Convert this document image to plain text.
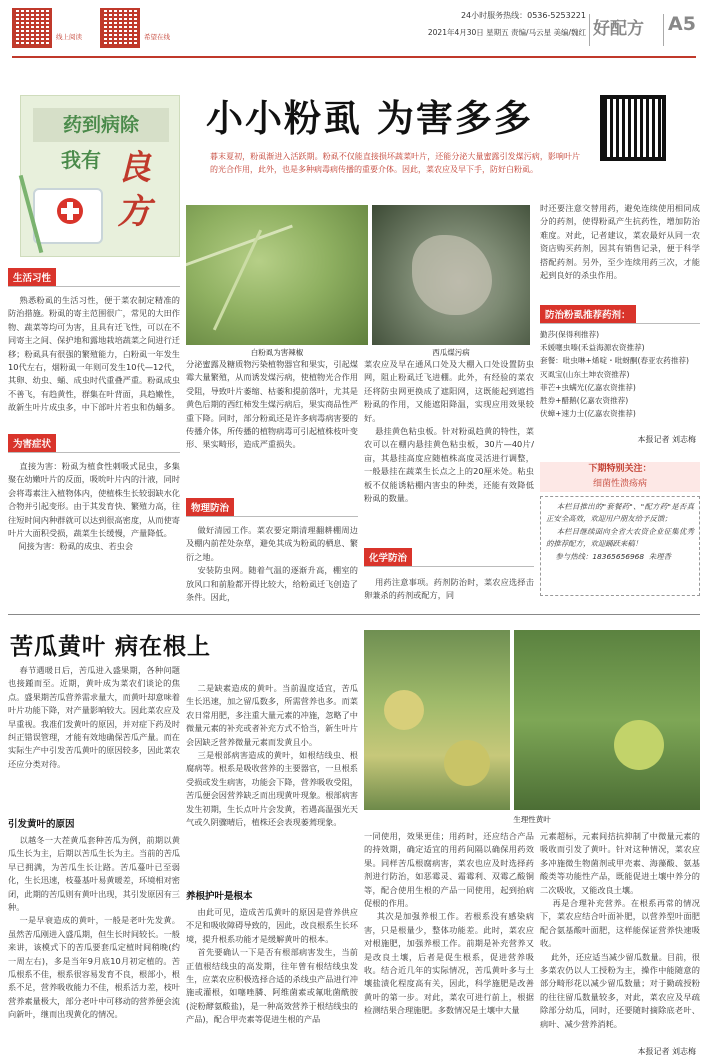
线上阅读	希望在线
24小时服务热线：0536-5253221
2021年4月30日 星期五 责编/马云星 美编/魏红 好配方 A5
药到病除
我有 良方
小小粉虱 为害多多
暮末夏初，粉虱渐进入活跃期。粉虱不仅能直接损坏蔬菜叶片，还能分泌大量蜜露引发煤污病，影响叶片的光合作用，此外，也是多种病毒病传播的重要介体。因此，菜农应及早下手，防好白粉虱。
白粉虱为害辣椒	西瓜煤污病
生活习性
熟悉粉虱的生活习性，便于菜农制定精准的防治措施。粉虱的寄主范围很广，常见的大田作物、蔬菜等均可为害，且具有迁飞性，可以在不同寄主之间、保护地和露地栽培蔬菜之间进行迁移；粉虱具有很强的繁殖能力，白粉虱一年发生10代左右，烟粉虱一年则可发生10代—12代，其卵、幼虫、蛹、成虫时代重叠严重。粉虱成虫不善飞，有趋黄性，群集在叶背面，具趋嫩性，故新生叶片成虫多，中下部叶片若虫和伪蛹多。
为害症状
直接为害：粉虱为植食性刺吸式昆虫，多集聚在幼嫩叶片的反面，吸吮叶片内的汁液，同时会将毒素注入植物体内，使植株生长较弱缺水化合物并引起变形。由于其发育快、繁殖力高，往往短时间内种群就可以达到很高密度，从而使寄叶片大面积受损，蔬菜生长缓慢，产量降低。
间接为害：粉虱的成虫、若虫会
分泌蜜露及糖质物污染植物器官和果实，引起煤霉大量繁殖，从而诱发煤污病，使植物光合作用受阻，导致叶片萎缩、枯萎和提前落叶，尤其是黄色后期的西红柿发生煤污病后，果实商品性严重下降。同时，部分粉虱还是许多病毒病害要的传播介体，所传播的植物病毒可引起植株枝叶变形、果实畸形，造成严重损失。
物理防治
做好清园工作。菜农要定期清理翻耕棚周边及棚内前茬处杂草，避免其成为粉虱的栖息、繁衍之地。
安装防虫网。随着气温的逐渐升高，棚室的放风口和前脸都开得比较大，给粉虱迁飞创造了条件。因此，
菜农应及早在通风口处及大棚入口处设置防虫网，阻止粉虱迁飞进棚。此外，有经验的菜农还将防虫网更换成了遮阳网，这既能起到遮挡粉虱的作用，又能遮阳降温，实现应用效果较好。
悬挂黄色粘虫板。针对粉虱趋黄的特性，菜农可以在棚内悬挂黄色粘虫板，30片—40片/亩，其悬挂高度应随植株高度灵活进行调整，一般悬挂在蔬菜生长点之上的20厘米处。粘虫板不仅能诱粘棚内害虫的种类，还能有效降低粉虱的数量。
化学防治
用药注意事项。药剂防治时，菜农应选择击卵兼杀的药剂或配方，同
时还要注意交替用药，避免连续使用相同成分的药剂，使得粉虱产生抗药性，增加防治难度。对此，记者建议，菜农最好从同一农资店购买药剂，因其有销售记录，便于科学搭配药剂。另外，至少连续用药三次，才能起到良好的杀虫作用。
防治粉虱推荐药剂：
勤莎(保得利推荐)
禾媛噻虫嗪(禾益海源农资推荐)
套餐：吡虫啉+烯啶・吡蚜酮(春亚农药推荐)
灭虱宝(山东土坤农资推荐)
菲芒+虫螨光(亿嘉农资推荐)
胜券+醋鹅(亿嘉农资推荐)
伏蟑+速力士(亿嘉农资推荐)
本报记者 刘志梅
下期特别关注：
细菌性溃疡病
本栏目推出的"套餐药"、"配方药"是否真正安全高效，欢迎用户朋友给予反馈；
本栏目继续面向全省大农资企业征集优秀的推荐配方，欢迎踊跃来稿！
参与热线：18365656968  朱理香
苦瓜黄叶 病在根上
春节遇暖日后，苦瓜进入盛果期，各种问题也接踵而至。近期，黄叶成为菜农们谈论的焦点。盛果期苦瓜营养需求量大，而黄叶却意味着叶片功能下降，对产量影响较大。因此菜农应及早重视。我准们发黄叶的原因，并对症下药及时纠正错误管理，才能有效地确保苦瓜产量。而在实际生产中引发苦瓜黄叶的原因较多，因此菜农还应分类对待。
引发黄叶的原因
以越冬一大茬黄瓜套种苦瓜为例，前期以黄瓜生长为主，后期以苦瓜生长为主。当前的苦瓜早已拥满，为苦瓜生长让路。苦瓜蔓叶已至弱化，生长迅速，枝蔓基叶易黄暖差，环境相对密闭，此期的苦瓜则有黄叶出现，其引发原因有三种。
一是早衰造成的黄叶，一般是老叶先发黄。虽然苦瓜刚进入盛瓜期，但生长时间较长。一般来讲，该模式下的苦瓜要套瓜定植时间稍晚(约一周左右)，多是当年9月底10月初定植的。苦瓜根系不佳，根系很容易发育不良，根部小，根系不足，营养吸收能力不佳，根系活力差，枝叶营养素量极大，部分老叶中可移动的营养便会流向新叶，继而出现黄化的情况。
二是缺素造成的黄叶。当前温度适宜，苦瓜生长迅速，加之留瓜数多，所需营养也多。而菜农日常用肥，多注重大量元素的冲施，忽略了中微量元素的补充或者补充方式不恰当，新生叶片会因缺乏营养微量元素而发黄且小。
三是根部病害造成的黄叶，如根结线虫、根腐病等。根系是吸收营养的主要器官，一旦根系受损或发生病害，功能会下降，营养吸收受阻，苦瓜便会因营养缺乏而出现黄叶现象。根部病害发生初期，生长点叶片会发黄，若遇高温强光天气或久阴骤晴后，植株还会表现萎蔫现象。
养根护叶是根本
由此可见，造成苦瓜黄叶的原因是营养供应不足和吸收障碍导致的，因此，改良根系生长环境，提升根系功能才是缓解黄叶的根本。
首先要确认一下是否有根部病害发生，当前正值根结线虫的高发期，往年曾有根结线虫发生，应菜农应积极选择合适的杀线虫产品进行冲施或灌根，如噻唑膦、阿维菌素或氟吡菌酰胺(淀粉酵氨酸盐)，是一种高效营养于根结线虫的产品)，配合甲壳素等促进生根的产品
生理性黄叶
一同使用，效果更佳；用药时，还应结合产品的持效期，确定适宜的用药间隔以确保用药效果。同样苦瓜根腐病害，菜农也应及时选择药剂进行防治，如恶霉灵、霜霉利、双霉乙酸铜等，配合使用生根的产品一同使用，起到抬病促根的作用。
其次是加强养根工作。若根系没有感染病害，只是根量少，整体功能差。此时，菜农应对根施肥，加强养根工作。前期是补充营养又是改良土壤，后者是促生根系，促进营养吸收。结合近几年的实际情况，苦瓜黄叶多与土壤盐渍化程度高有关，因此，科学施肥是改善黄叶的第一步。对此，菜农可进行前上，根据检测结果合理施肥。多数情况是土壤中大量
元素超标，元素间拮抗抑制了中微量元素的吸收而引发了黄叶。针对这种情况，菜农应多冲施微生物菌剂或甲壳素、海藻酸、氨基酸类等功能性产品，既能促进土壤中养分的二次吸收，又能改良土壤。
再是合理补充营养。在根系再常的情况下，菜农应结合叶面补肥，以营养型叶面肥配合氨基酸叶面肥，这样能保证营养快速吸收。
此外，还应适当减少留瓜数量。目前，很多菜农仍以人工授粉为主，操作中能随意的部分畸形花以减少留瓜数量；对于勤疏授粉的往往留瓜数量较多，对此，菜农应及早疏除部分幼瓜，同时，还要随时摘除底老叶、病叶、减少营养消耗。
本报记者 刘志梅
